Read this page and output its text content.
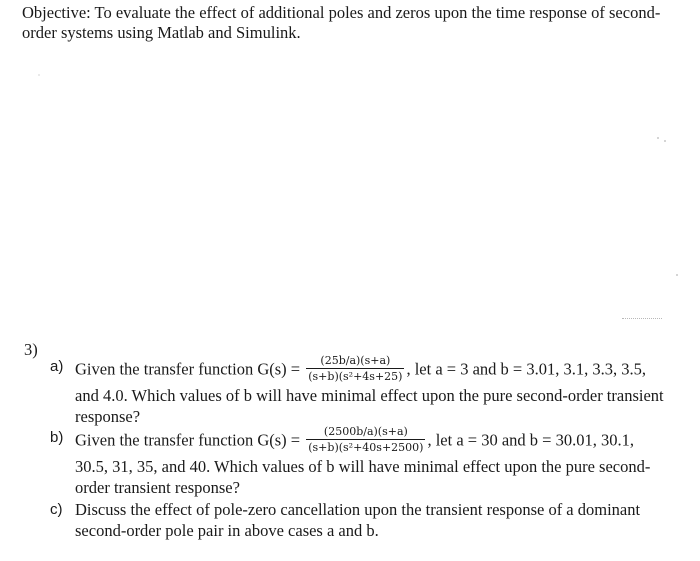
Objective: To evaluate the effect of additional poles and zeros upon the time response of second-order systems using Matlab and Simulink.
3)
a) Given the transfer function $G(s) = \frac{(25b/a)(s+a)}{\text{(s+b)(s²+4s+25)}}$ , let a = 3 and b = 3.01, 3.1, 3.3, 3.5,
and 4.0. Which values of b will have minimal effect upon the pure second-order transient response?
b) Given the transfer function $G(s) = \frac{(2500b/a)(s+a)}{\text{(s+b)(s²+40s+2500)}}$ , let a = 30 and b = 30.01, 30.1,
30.5, 31, 35, and 40. Which values of b will have minimal effect upon the pure second-order transient response?
c) Discuss the effect of pole-zero cancellation upon the transient response of a dominant second-order pole pair in above cases a and b.
